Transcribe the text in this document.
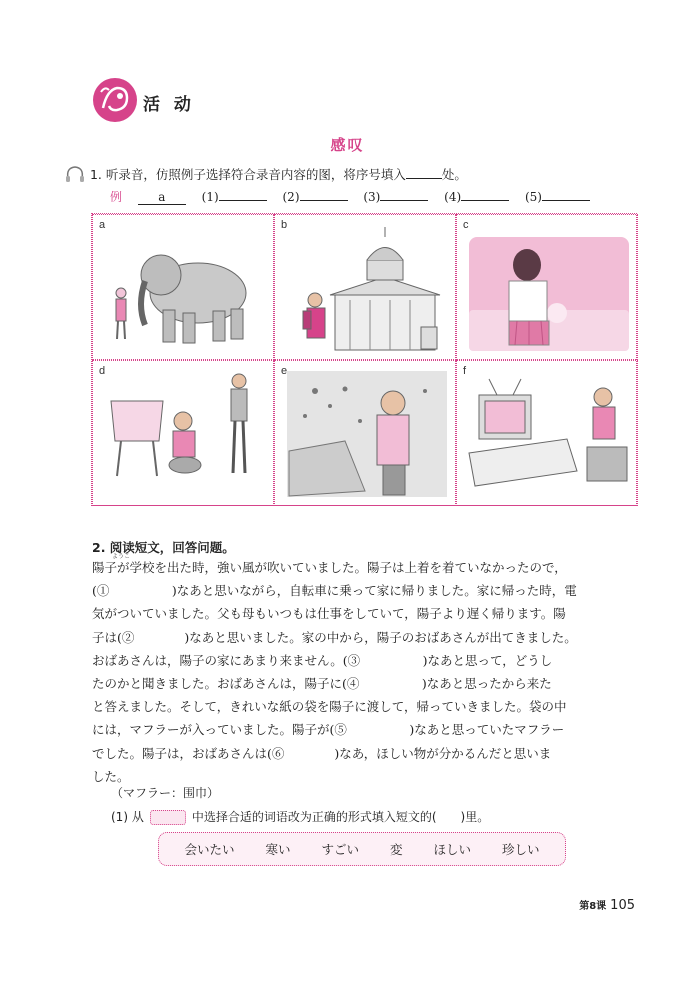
活 动
感叹
1. 听录音，仿照例子选择符合录音内容的图，将序号填入	处。
例	a	(1)	(2)	(3)	(4)	(5)
a	b	c
d	e	f
2. 阅读短文，回答问题。
ようこ

陽子が学校を出た時，強い風が吹いていました。陽子は上着を着ていなかったので，

(①　　　　　)なあと思いながら，自転車に乗って家に帰りました。家に帰った時，電

気がついていました。父も母もいつもは仕事をしていて，陽子より遅く帰ります。陽

子は(②　　　　)なあと思いました。家の中から，陽子のおばあさんが出てきました。

おばあさんは，陽子の家にあまり来ません。(③　　　　　)なあと思って，どうし

たのかと聞きました。おばあさんは，陽子に(④　　　　　)なあと思ったから来た

と答えました。そして，きれいな紙の袋を陽子に渡して，帰っていきました。袋の中

には，マフラーが入っていました。陽子が(⑤　　　　　)なあと思っていたマフラー

でした。陽子は，おばあさんは(⑥　　　　)なあ，ほしい物が分かるんだと思いま

した。

（マフラー：围巾）
(1) 从	中选择合适的词语改为正确的形式填入短文的(　　)里。
会いたい 寒い すごい 変 ほしい 珍しい
第8课 105
